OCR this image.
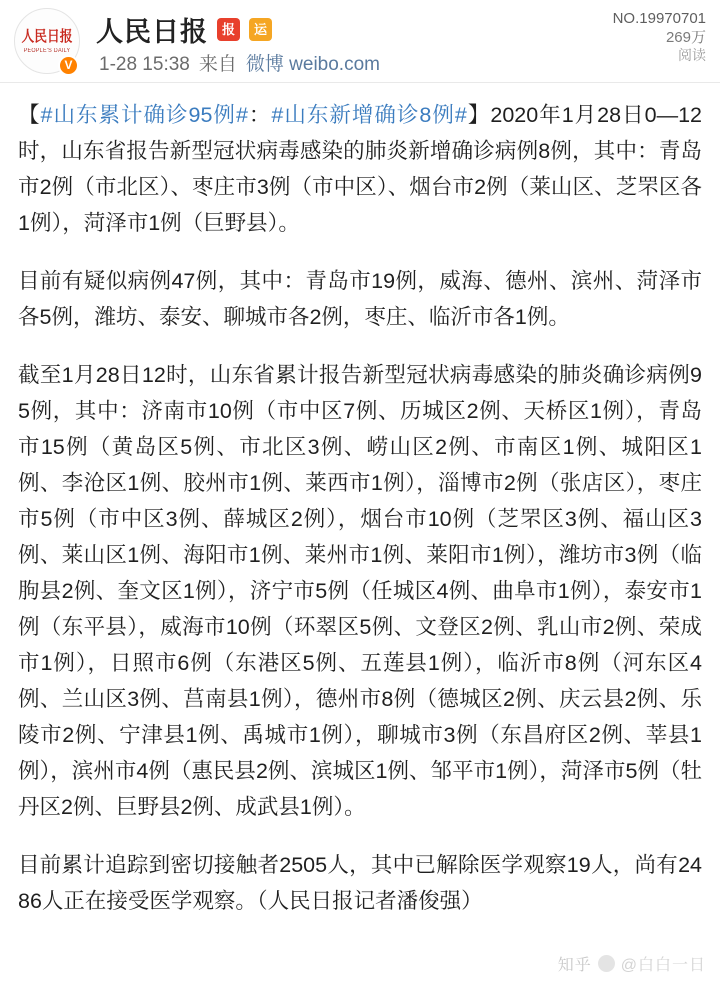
人民日报
PEOPLE'S DAILY
V
人民日报	报	运
1-28 15:38 来自 微博 weibo.com
NO.19970701
269万
阅读

【#山东累计确诊95例#：#山东新增确诊8例#】2020年1月28日0—12时，山东省报告新型冠状病毒感染的肺炎新增确诊病例8例，其中：青岛市2例（市北区）、枣庄市3例（市中区）、烟台市2例（莱山区、芝罘区各1例），菏泽市1例（巨野县）。

目前有疑似病例47例，其中：青岛市19例，威海、德州、滨州、菏泽市各5例，潍坊、泰安、聊城市各2例，枣庄、临沂市各1例。

截至1月28日12时，山东省累计报告新型冠状病毒感染的肺炎确诊病例95例，其中：济南市10例（市中区7例、历城区2例、天桥区1例），青岛市15例（黄岛区5例、市北区3例、崂山区2例、市南区1例、城阳区1例、李沧区1例、胶州市1例、莱西市1例），淄博市2例（张店区），枣庄市5例（市中区3例、薛城区2例），烟台市10例（芝罘区3例、福山区3例、莱山区1例、海阳市1例、莱州市1例、莱阳市1例），潍坊市3例（临朐县2例、奎文区1例），济宁市5例（任城区4例、曲阜市1例），泰安市1例（东平县），威海市10例（环翠区5例、文登区2例、乳山市2例、荣成市1例），日照市6例（东港区5例、五莲县1例），临沂市8例（河东区4例、兰山区3例、莒南县1例），德州市8例（德城区2例、庆云县2例、乐陵市2例、宁津县1例、禹城市1例），聊城市3例（东昌府区2例、莘县1例），滨州市4例（惠民县2例、滨城区1例、邹平市1例），菏泽市5例（牡丹区2例、巨野县2例、成武县1例）。

目前累计追踪到密切接触者2505人，其中已解除医学观察19人，尚有2486人正在接受医学观察。（人民日报记者潘俊强）

知乎 @白白一日
